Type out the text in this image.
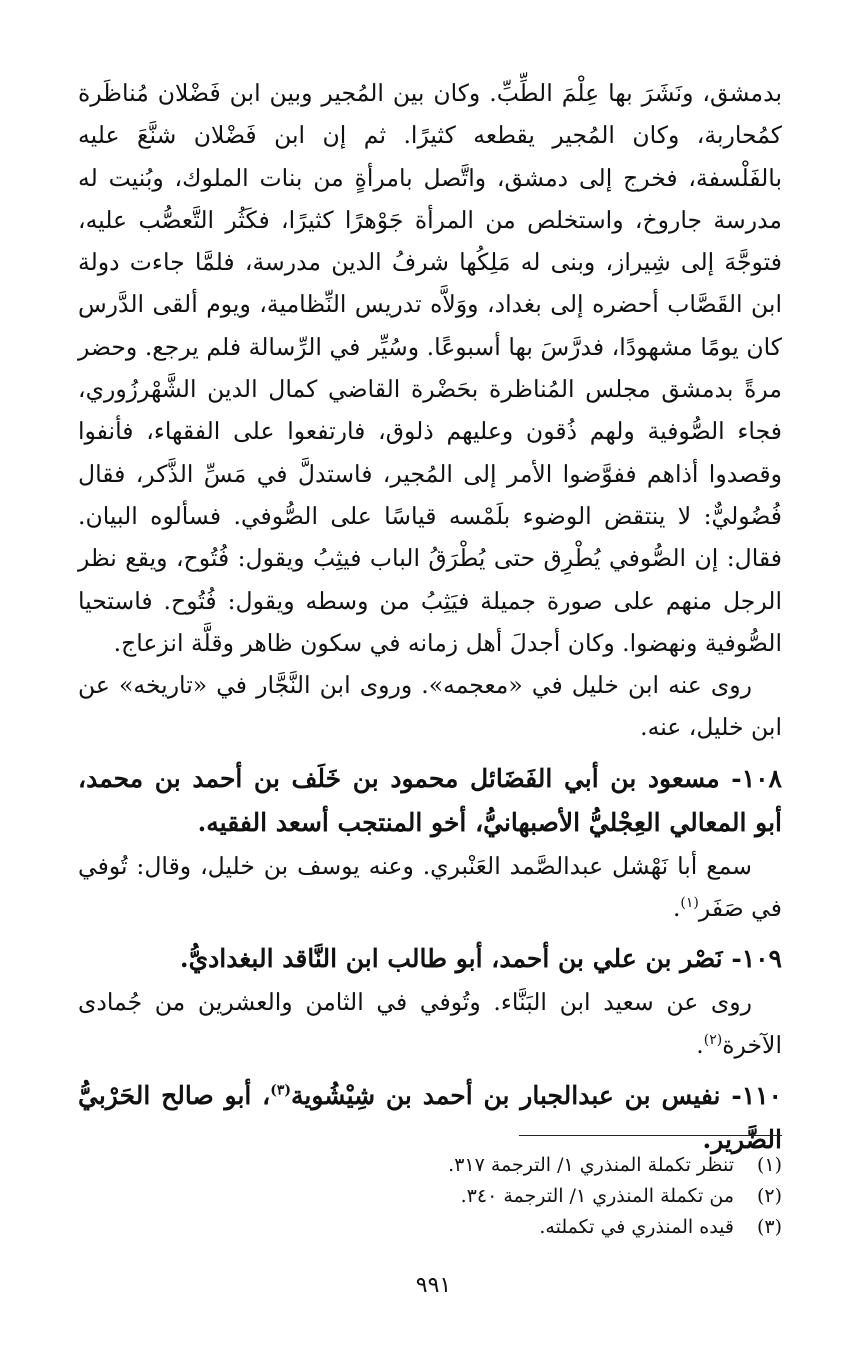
بدمشق، ونَشَرَ بها عِلْمَ الطِّبِّ. وكان بين المُجير وبين ابن فَضْلان مُناظَرة كمُحاربة، وكان المُجير يقطعه كثيرًا. ثم إن ابن فَضْلان شنَّعَ عليه بالفَلْسفة، فخرج إلى دمشق، واتَّصل بامرأةٍ من بنات الملوك، وبُنيت له مدرسة جاروخ، واستخلص من المرأة جَوْهرًا كثيرًا، فكَثُر التَّعصُّب عليه، فتوجَّهَ إلى شِيراز، وبنى له مَلِكُها شرفُ الدين مدرسة، فلمَّا جاءت دولة ابن القَصَّاب أحضره إلى بغداد، ووَلاَّه تدريس النِّظامية، ويوم ألقى الدَّرس كان يومًا مشهودًا، فدرَّسَ بها أسبوعًا. وسُيِّر في الرِّسالة فلم يرجع. وحضر مرةً بدمشق مجلس المُناظرة بحَضْرة القاضي كمال الدين الشَّهْرزُوري، فجاء الصُّوفية ولهم ذُقون وعليهم ذلوق، فارتفعوا على الفقهاء، فأنفوا وقصدوا أذاهم ففوَّضوا الأمر إلى المُجير، فاستدلَّ في مَسِّ الذَّكر، فقال فُضُوليٌّ: لا ينتقض الوضوء بلَمْسه قياسًا على الصُّوفي. فسألوه البيان. فقال: إن الصُّوفي يُطْرِق حتى يُطْرَقُ الباب فيثِبُ ويقول: فُتُوح، ويقع نظر الرجل منهم على صورة جميلة فيَثِبُ من وسطه ويقول: فُتُوح. فاستحيا الصُّوفية ونهضوا. وكان أجدلَ أهل زمانه في سكون ظاهر وقلَّة انزعاج.

روى عنه ابن خليل في «معجمه». وروى ابن النَّجَّار في «تاريخه» عن ابن خليل، عنه.

١٠٨- مسعود بن أبي الفَضَائل محمود بن خَلَف بن أحمد بن محمد، أبو المعالي العِجْليُّ الأصبهانيُّ، أخو المنتجب أسعد الفقيه.

سمع أبا نَهْشل عبدالصَّمد العَنْبري. وعنه يوسف بن خليل، وقال: تُوفي في صَفَر$^{(١)}$.

١٠٩- نَصْر بن علي بن أحمد، أبو طالب ابن النَّاقد البغداديُّ.

روى عن سعيد ابن البَنَّاء. وتُوفي في الثامن والعشرين من جُمادى الآخرة$^{(٢)}$.

١١٠- نفيس بن عبدالجبار بن أحمد بن شِيْشُوية$^{(٣)}$، أبو صالح الحَرْبيُّ الضَّرير.

(١)
تنظر تكملة المنذري ١/ الترجمة ٣١٧.

(٢)
من تكملة المنذري ١/ الترجمة ٣٤٠.

(٣)
قيده المنذري في تكملته.

٩٩١
